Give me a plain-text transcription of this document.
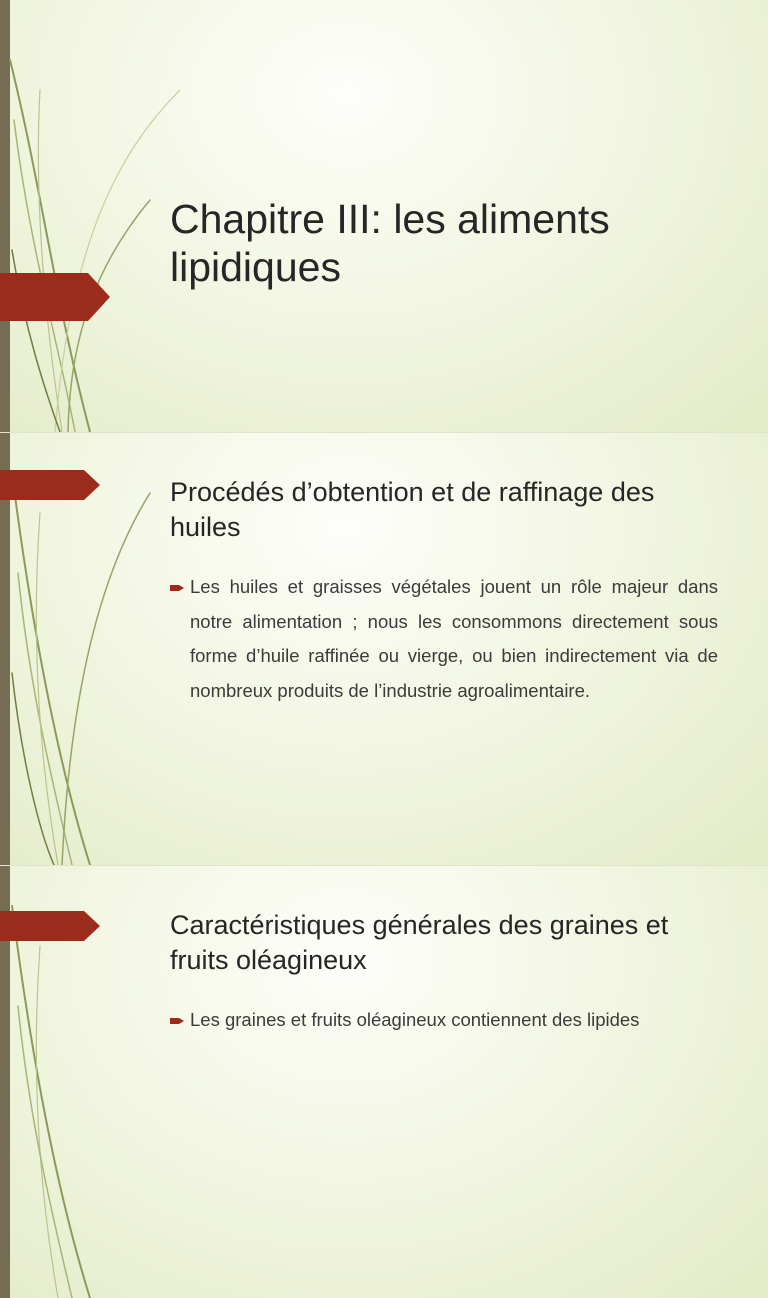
Chapitre III: les aliments lipidiques
Procédés d’obtention et de raffinage des huiles
Les huiles et graisses végétales jouent un rôle majeur dans notre alimentation ; nous les consommons directement sous forme d’huile raffinée ou vierge, ou bien indirectement via de nombreux produits de l’industrie agroalimentaire.
Caractéristiques générales des graines et fruits oléagineux
Les graines et fruits oléagineux contiennent des lipides
